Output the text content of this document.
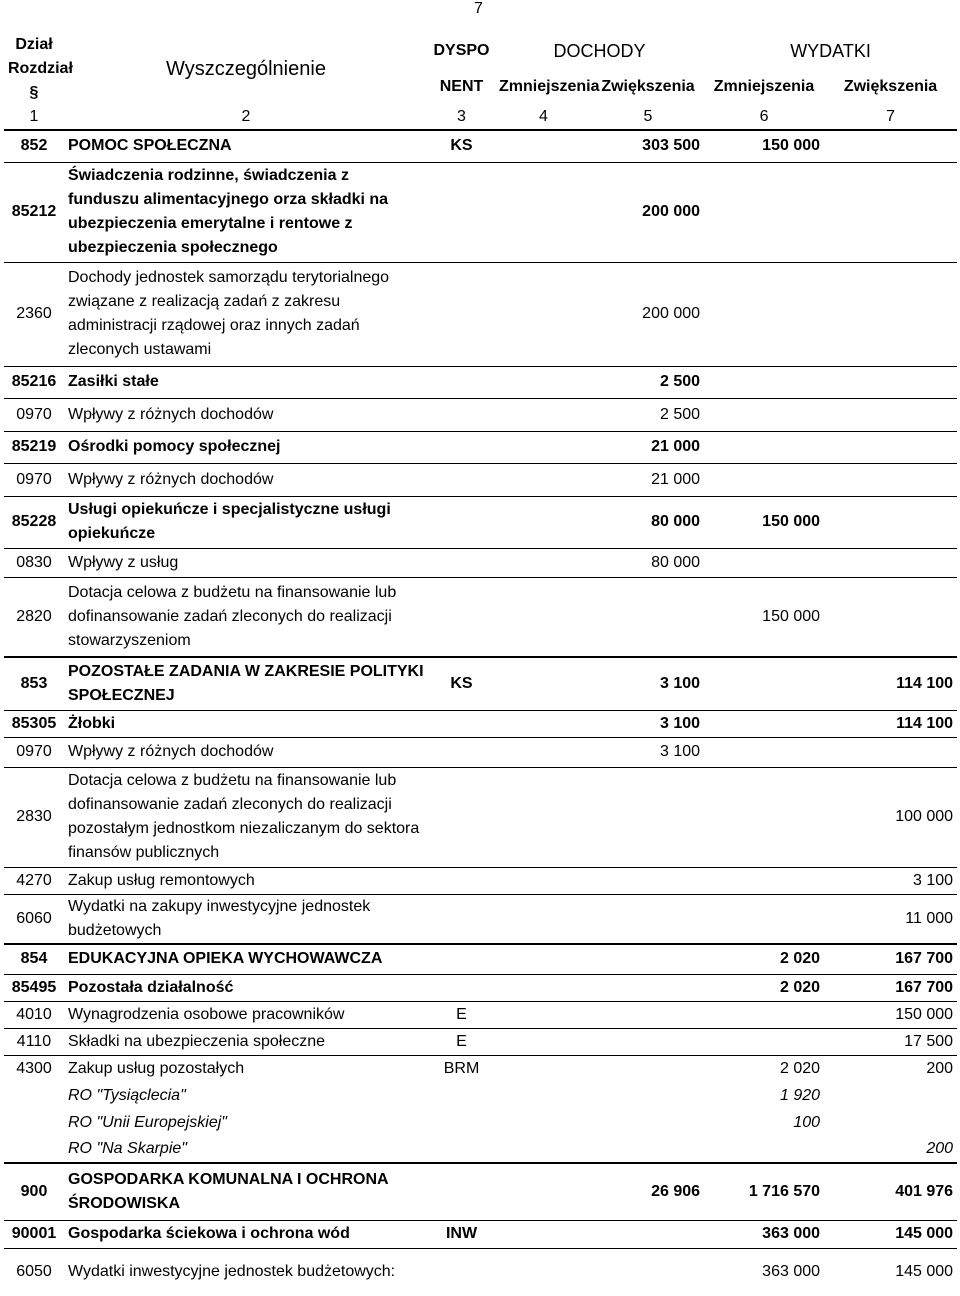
7
Dział
Rozdział
§	Wyszczególnienie	DYSPO	DOCHODY		WYDATKI	
		NENT	Zmniejszenia	Zwiększenia	Zmniejszenia	Zwiększenia
1	2	3	4	5	6	7
852	POMOC SPOŁECZNA	KS		303 500	150 000	
85212	Świadczenia rodzinne, świadczenia z funduszu alimentacyjnego orza składki na ubezpieczenia emerytalne i rentowe z ubezpieczenia społecznego			200 000		
2360	Dochody jednostek samorządu terytorialnego związane z realizacją zadań z zakresu administracji rządowej oraz innych zadań zleconych ustawami			200 000		
85216	Zasiłki stałe			2 500		
0970	Wpływy z różnych dochodów			2 500		
85219	Ośrodki pomocy społecznej			21 000		
0970	Wpływy z różnych dochodów			21 000		
85228	Usługi opiekuńcze i specjalistyczne usługi opiekuńcze			80 000	150 000	
0830	Wpływy z usług			80 000		
2820	Dotacja celowa z budżetu na finansowanie lub dofinansowanie zadań zleconych do realizacji stowarzyszeniom				150 000	
853	POZOSTAŁE ZADANIA W ZAKRESIE POLITYKI SPOŁECZNEJ	KS		3 100		114 100
85305	Żłobki			3 100		114 100
0970	Wpływy z różnych dochodów			3 100		
2830	Dotacja celowa z budżetu na finansowanie lub dofinansowanie zadań zleconych do realizacji pozostałym jednostkom niezaliczanym do sektora finansów publicznych					100 000
4270	Zakup usług remontowych					3 100
6060	Wydatki na zakupy inwestycyjne jednostek budżetowych					11 000
854	EDUKACYJNA OPIEKA WYCHOWAWCZA				2 020	167 700
85495	Pozostała działalność				2 020	167 700
4010	Wynagrodzenia osobowe pracowników	E				150 000
4110	Składki na ubezpieczenia społeczne	E				17 500
4300	Zakup usług pozostałych	BRM			2 020	200
	RO "Tysiąclecia"				1 920	
	RO "Unii Europejskiej"				100	
	RO "Na Skarpie"					200
900	GOSPODARKA KOMUNALNA I OCHRONA ŚRODOWISKA			26 906	1 716 570	401 976
90001	Gospodarka ściekowa i ochrona wód	INW			363 000	145 000
6050	Wydatki inwestycyjne jednostek budżetowych:				363 000	145 000
